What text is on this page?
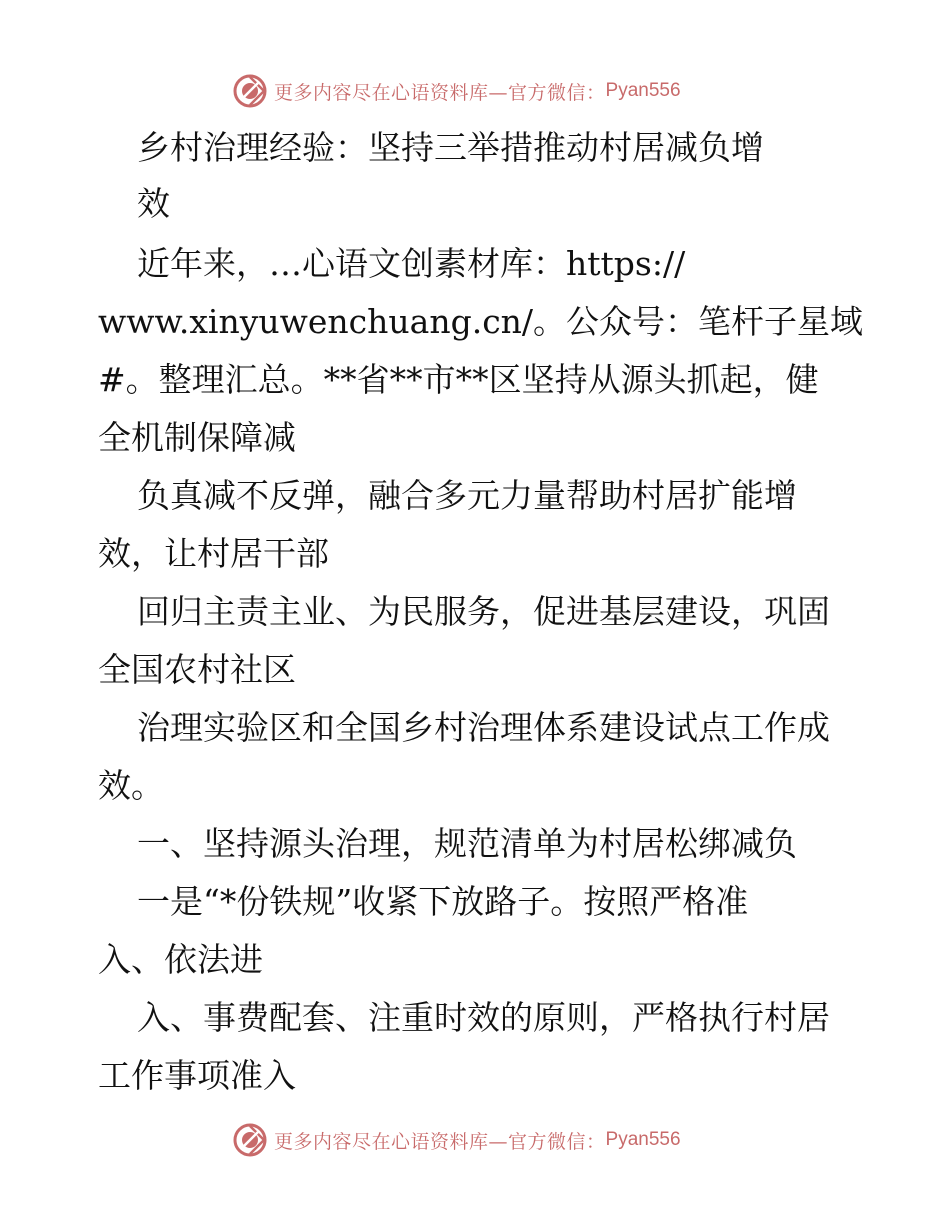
更多内容尽在心语资料库—官方微信： Pyan556
乡村治理经验：坚持三举措推动村居减负增
效
近年来，…心语文创素材库：https://
www.xinyuwenchuang.cn/。公众号：笔杆子星域
#。整理汇总。**省**市**区坚持从源头抓起，健
全机制保障减
负真减不反弹，融合多元力量帮助村居扩能增
效，让村居干部
回归主责主业、为民服务，促进基层建设，巩固
全国农村社区
治理实验区和全国乡村治理体系建设试点工作成
效。
一、坚持源头治理，规范清单为村居松绑减负
一是“*份铁规”收紧下放路子。按照严格准
入、依法进
入、事费配套、注重时效的原则，严格执行村居
工作事项准入
更多内容尽在心语资料库—官方微信： Pyan556
